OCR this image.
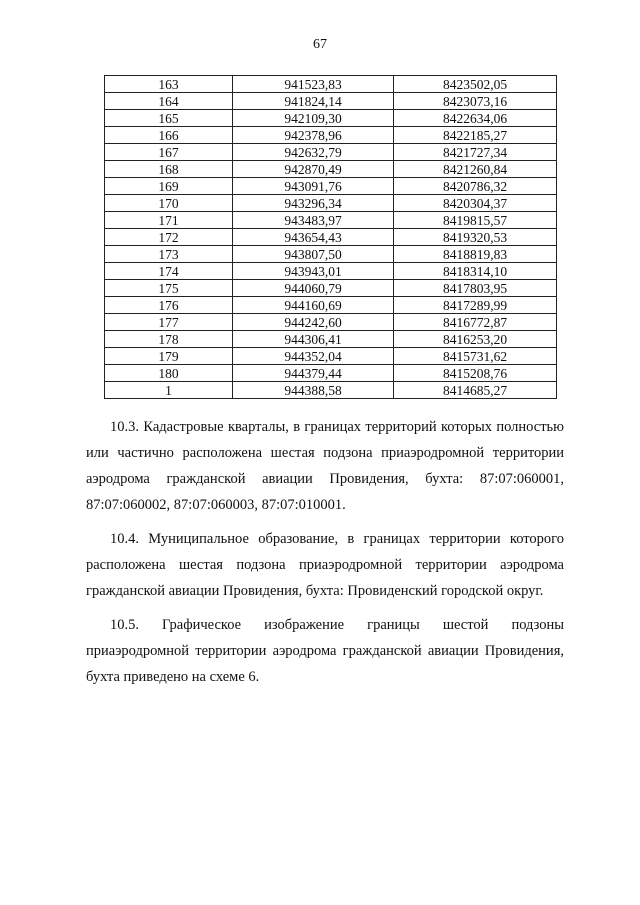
67
163	941523,83	8423502,05
164	941824,14	8423073,16
165	942109,30	8422634,06
166	942378,96	8422185,27
167	942632,79	8421727,34
168	942870,49	8421260,84
169	943091,76	8420786,32
170	943296,34	8420304,37
171	943483,97	8419815,57
172	943654,43	8419320,53
173	943807,50	8418819,83
174	943943,01	8418314,10
175	944060,79	8417803,95
176	944160,69	8417289,99
177	944242,60	8416772,87
178	944306,41	8416253,20
179	944352,04	8415731,62
180	944379,44	8415208,76
1	944388,58	8414685,27

10.3. Кадастровые кварталы, в границах территорий которых полностью или частично расположена шестая подзона приаэродромной территории аэродрома гражданской авиации Провидения, бухта: 87:07:060001, 87:07:060002, 87:07:060003, 87:07:010001.

10.4. Муниципальное образование, в границах территории которого расположена шестая подзона приаэродромной территории аэродрома гражданской авиации Провидения, бухта: Провиденский городской округ.

10.5. Графическое изображение границы шестой подзоны приаэродромной территории аэродрома гражданской авиации Провидения, бухта приведено на схеме 6.
